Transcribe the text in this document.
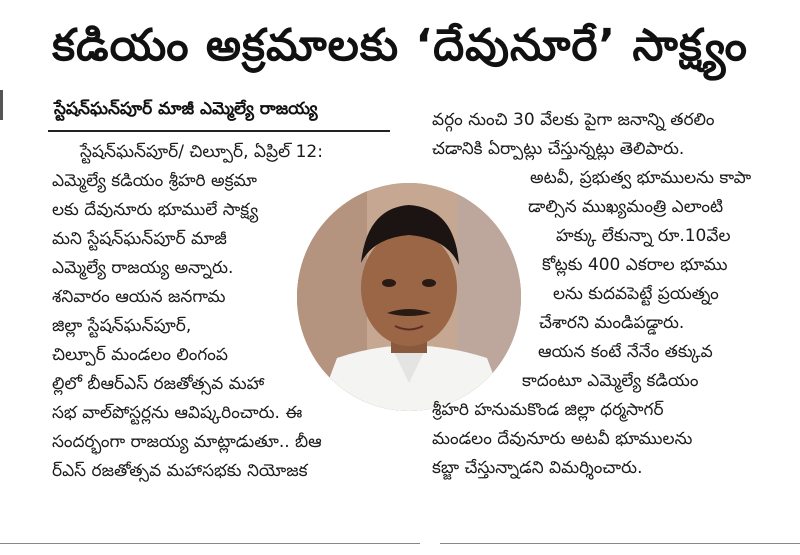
కడియం అక్రమాలకు ‘దేవునూరే’ సాక్ష్యం
స్టేషన్‌ఘన్‌పూర్ మాజీ ఎమ్మెల్యే రాజయ్య
స్టేషన్‌ఘన్‌పూర్/ చిల్పూర్, ఏప్రిల్ 12:
ఎమ్మెల్యే కడియం శ్రీహరి అక్రమా
లకు దేవునూరు భూములే సాక్ష్య
మని స్టేషన్‌ఘన్‌పూర్ మాజీ
ఎమ్మెల్యే రాజయ్య అన్నారు.
శనివారం ఆయన జనగామ
జిల్లా స్టేషన్‌ఘన్‌పూర్,
చిల్పూర్ మండలం లింగంప
ల్లిలో బీఆర్‌ఎస్ రజతోత్సవ మహా
సభ వాల్‌పోస్టర్లను ఆవిష్కరించారు. ఈ
సందర్భంగా రాజయ్య మాట్లాడుతూ.. బీఆ
ర్‌ఎస్ రజతోత్సవ మహాసభకు నియోజక
వర్గం నుంచి 30 వేలకు పైగా జనాన్ని తరలిం
చడానికి ఏర్పాట్లు చేస్తున్నట్లు తెలిపారు.
అటవీ, ప్రభుత్వ భూములను కాపా
డాల్సిన ముఖ్యమంత్రి ఎలాంటి
హక్కు లేకున్నా రూ.10వేల
కోట్లకు 400 ఎకరాల భూము
లను కుదవపెట్టే ప్రయత్నం
చేశారని మండిపడ్డారు.
ఆయన కంటే నేనేం తక్కువ
కాదంటూ ఎమ్మెల్యే కడియం
శ్రీహరి హనుమకొండ జిల్లా ధర్మసాగర్
మండలం దేవునూరు అటవీ భూములను
కబ్జా చేస్తున్నాడని విమర్శించారు.
